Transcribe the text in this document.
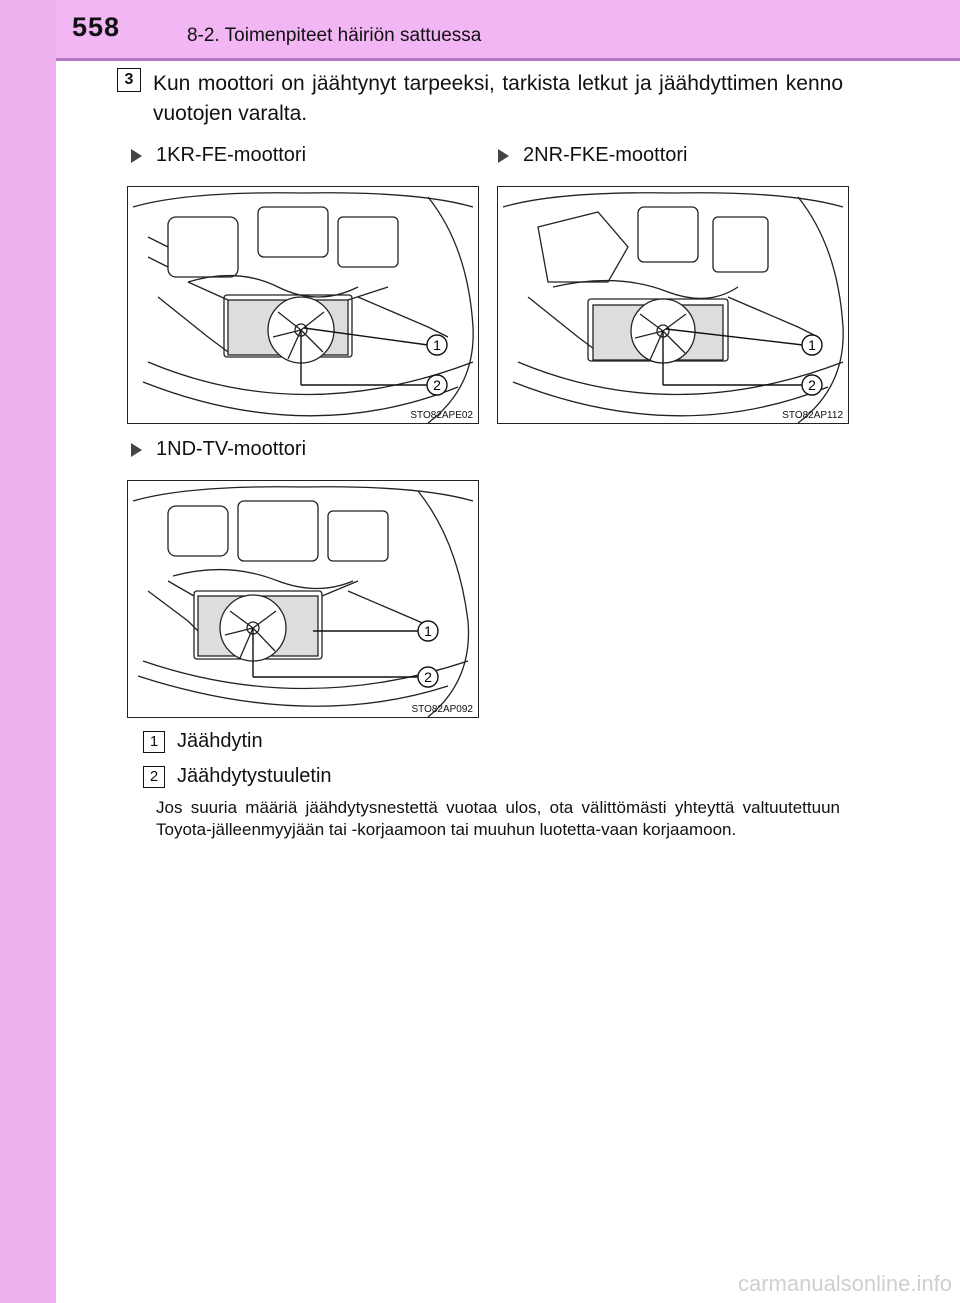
558	8-2. Toimenpiteet häiriön sattuessa
3 Kun moottori on jäähtynyt tarpeeksi, tarkista letkut ja jäähdyttimen kenno vuotojen varalta.
1KR-FE-moottori	2NR-FKE-moottori
1ND-TV-moottori
1
2
STO82APE02
1
2
STO82AP112
1
2
STO82AP092
1 Jäähdytin
2 Jäähdytystuuletin
Jos suuria määriä jäähdytysnestettä vuotaa ulos, ota välittömästi yhteyttä valtuutettuun Toyota-jälleenmyyjään tai -korjaamoon tai muuhun luotetta-vaan korjaamoon.
carmanualsonline.info
